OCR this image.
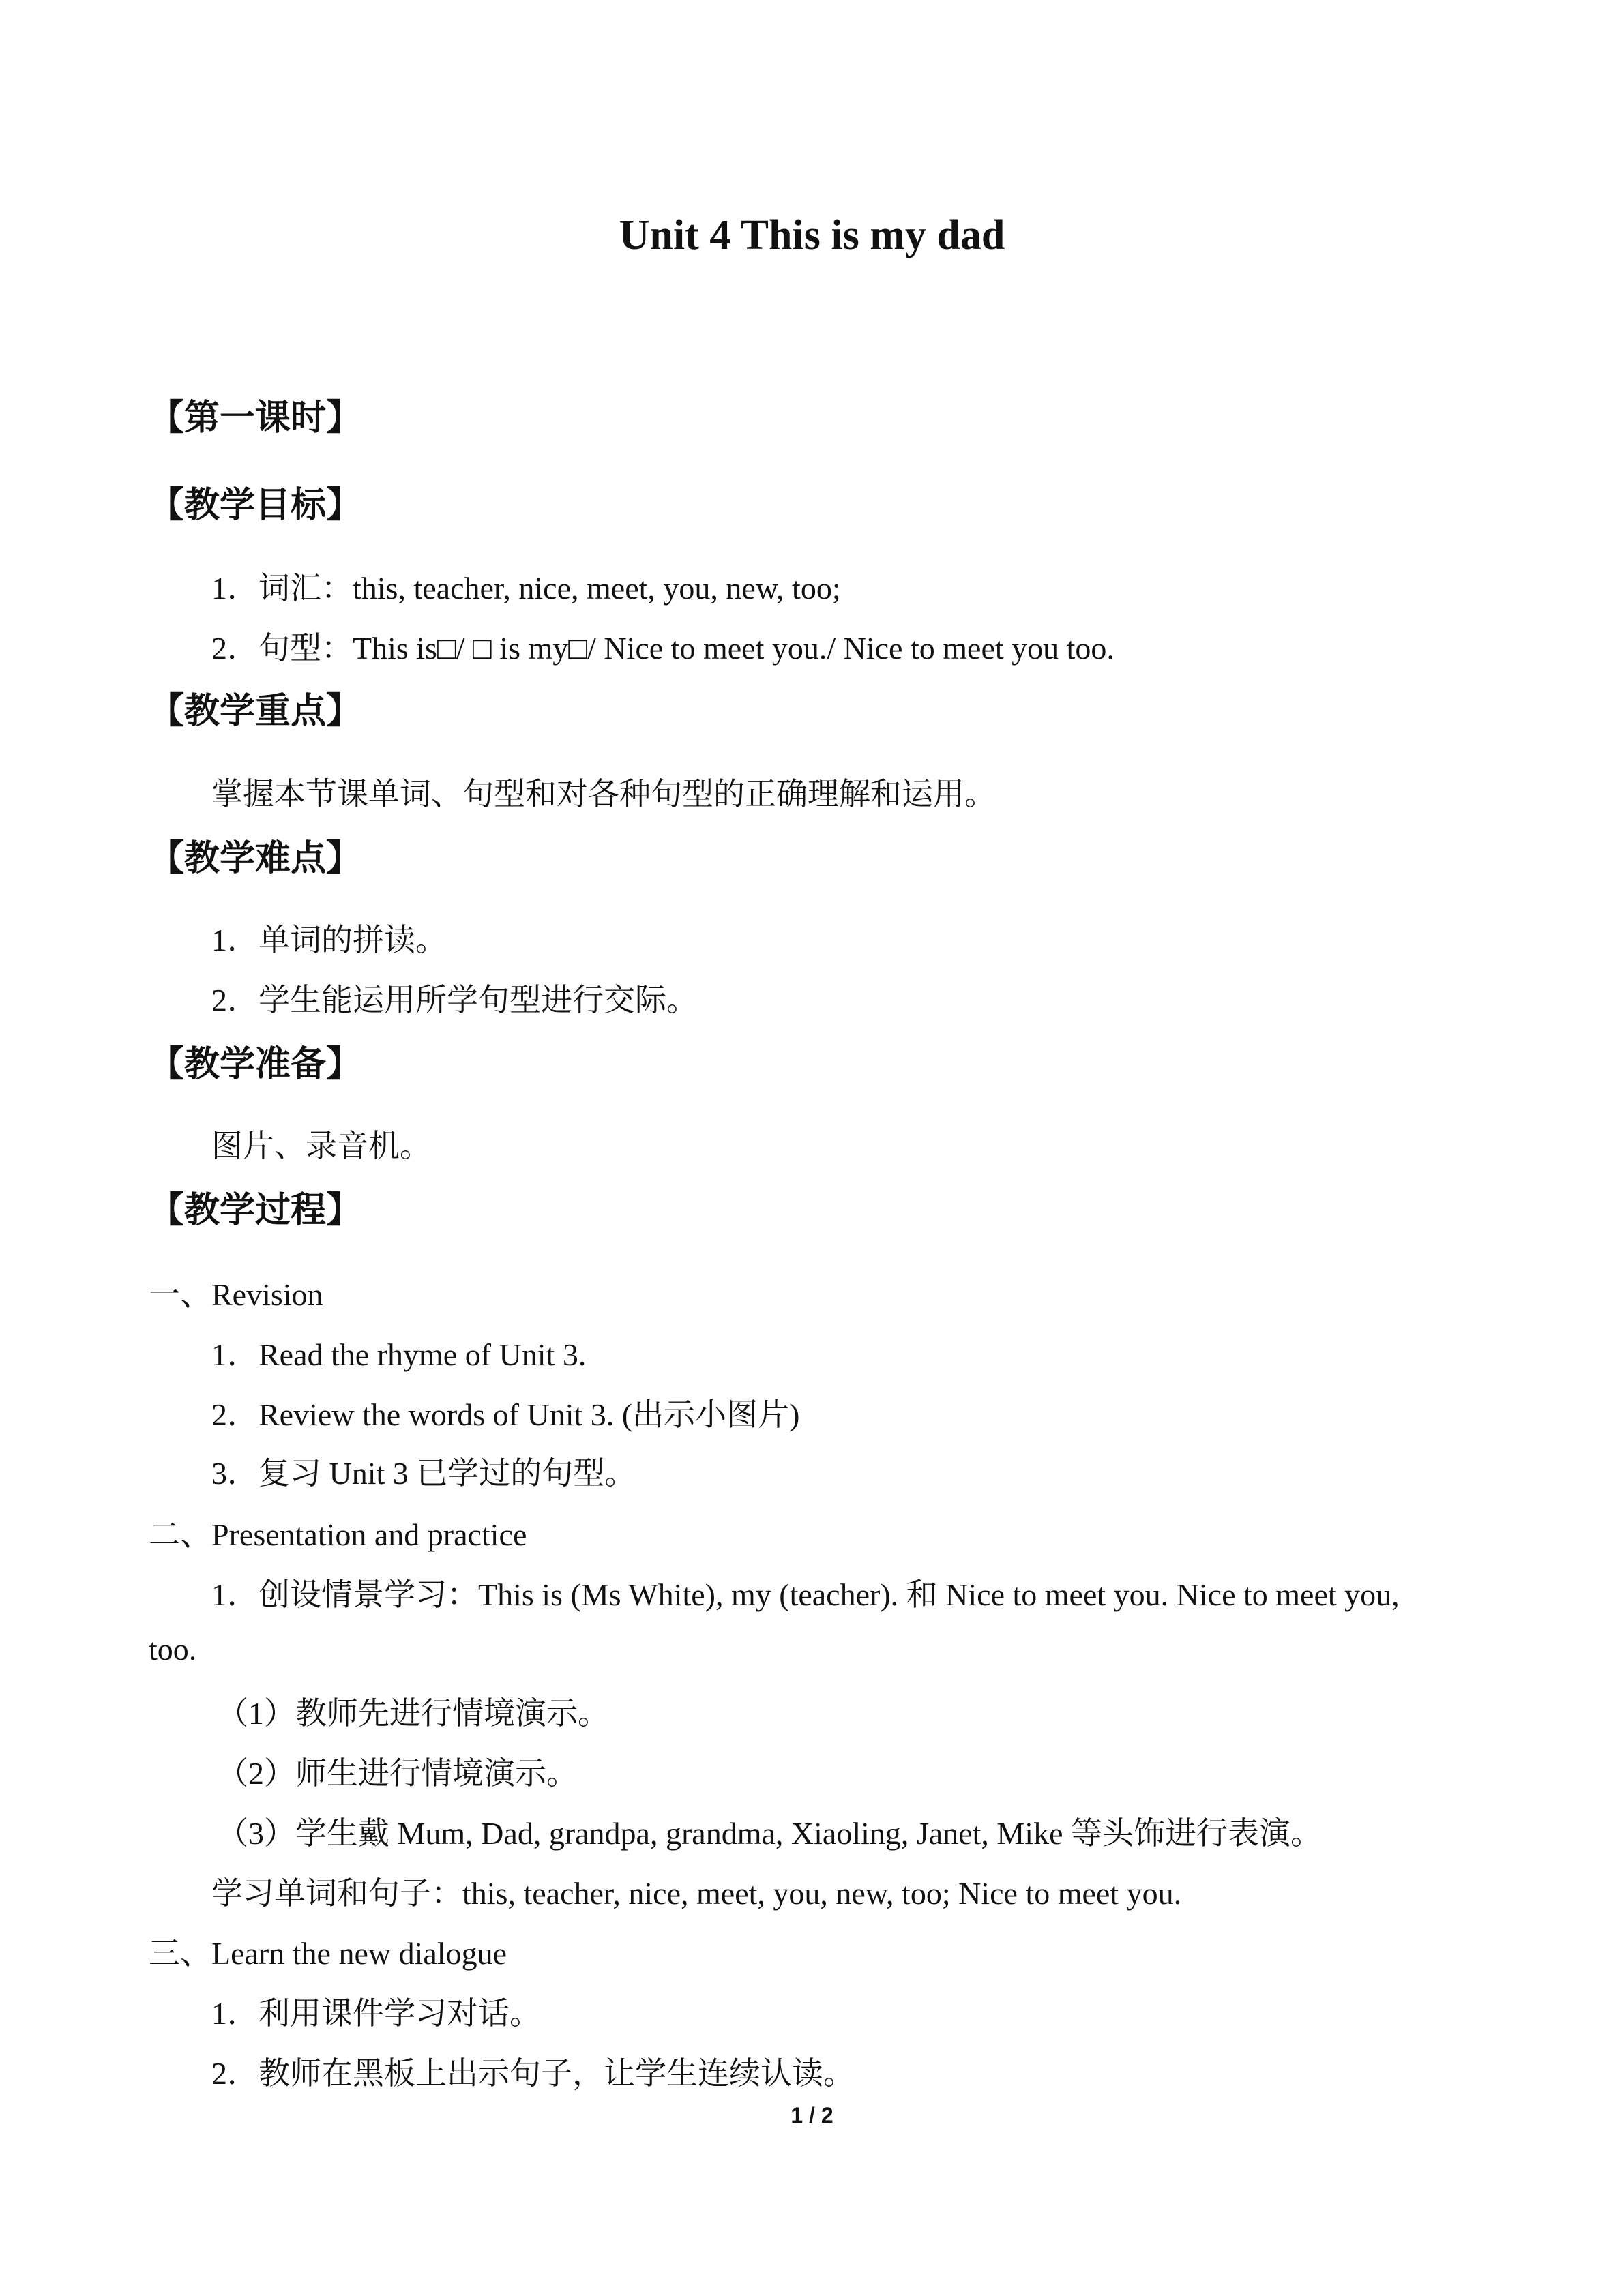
Unit 4 This is my dad
【第一课时】
【教学目标】
1．词汇：this, teacher, nice, meet, you, new, too;
2．句型：This is□/ □ is my□/ Nice to meet you./ Nice to meet you too.
【教学重点】
掌握本节课单词、句型和对各种句型的正确理解和运用。
【教学难点】
1．单词的拼读。
2．学生能运用所学句型进行交际。
【教学准备】
图片、录音机。
【教学过程】
一、Revision
1．Read the rhyme of Unit 3.
2．Review the words of Unit 3. (出示小图片)
3．复习 Unit 3 已学过的句型。
二、Presentation and practice
1．创设情景学习：This is (Ms White), my (teacher). 和 Nice to meet you. Nice to meet you,
too.
（1）教师先进行情境演示。
（2）师生进行情境演示。
（3）学生戴 Mum, Dad, grandpa, grandma, Xiaoling, Janet, Mike 等头饰进行表演。
学习单词和句子：this, teacher, nice, meet, you, new, too; Nice to meet you.
三、Learn the new dialogue
1．利用课件学习对话。
2．教师在黑板上出示句子，让学生连续认读。
1 / 2
